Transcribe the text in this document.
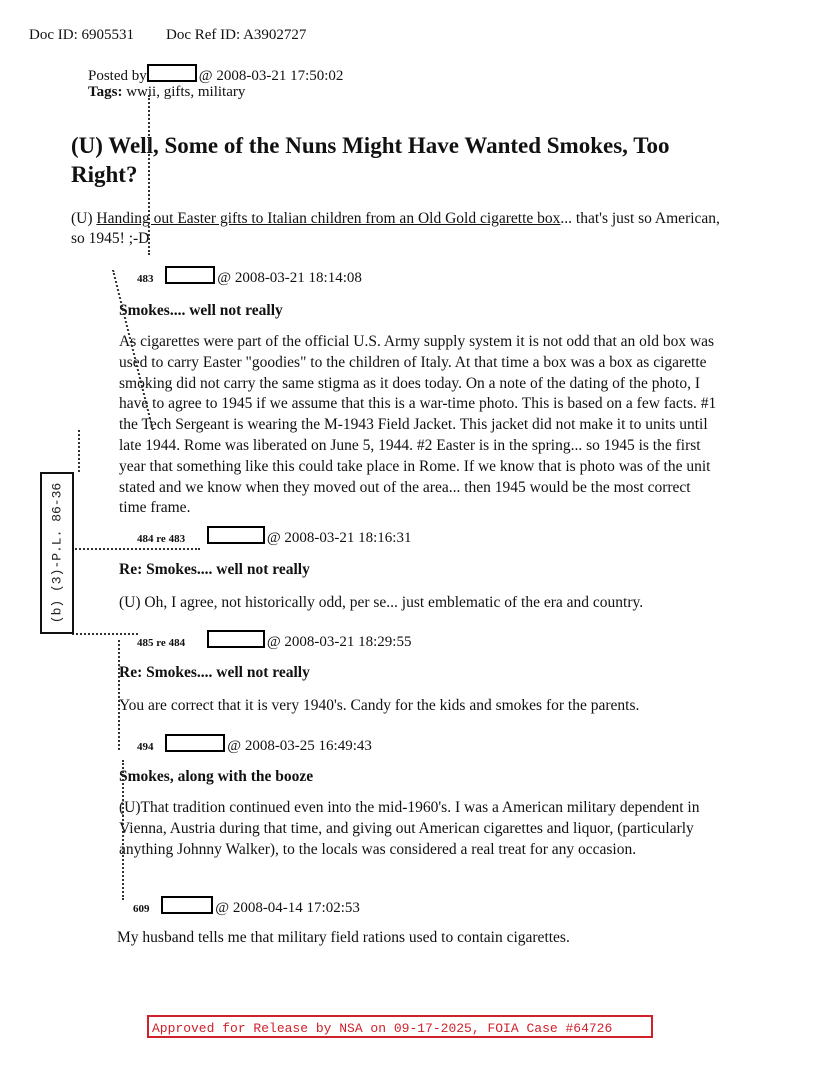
Doc ID: 6905531 Doc Ref ID: A3902727
Posted by	@ 2008-03-21 17:50:02
Tags: wwii, gifts, military
(U) Well, Some of the Nuns Might Have Wanted Smokes, Too
Right?
(U) Handing out Easter gifts to Italian children from an Old Gold cigarette box... that's just so American,
so 1945! ;-D
483	@ 2008-03-21 18:14:08
Smokes.... well not really
As cigarettes were part of the official U.S. Army supply system it is not odd that an old box was used to carry Easter "goodies" to the children of Italy. At that time a box was a box as cigarette smoking did not carry the same stigma as it does today. On a note of the dating of the photo, I have to agree to 1945 if we assume that this is a war-time photo. This is based on a few facts. #1 the Tech Sergeant is wearing the M-1943 Field Jacket. This jacket did not make it to units until late 1944. Rome was liberated on June 5, 1944. #2 Easter is in the spring... so 1945 is the first year that something like this could take place in Rome. If we know that is photo was of the unit stated and we know when they moved out of the area... then 1945 would be the most correct time frame.
484 re 483	@ 2008-03-21 18:16:31
Re: Smokes.... well not really
(U) Oh, I agree, not historically odd, per se... just emblematic of the era and country.
485 re 484	@ 2008-03-21 18:29:55
Re: Smokes.... well not really
You are correct that it is very 1940's. Candy for the kids and smokes for the parents.
494	@ 2008-03-25 16:49:43
Smokes, along with the booze
(U)That tradition continued even into the mid-1960's. I was a American military dependent in Vienna, Austria during that time, and giving out American cigarettes and liquor, (particularly anything Johnny Walker), to the locals was considered a real treat for any occasion.
609	@ 2008-04-14 17:02:53
My husband tells me that military field rations used to contain cigarettes.
(b) (3)-P.L. 86-36
Approved for Release by NSA on 09-17-2025, FOIA Case #64726
